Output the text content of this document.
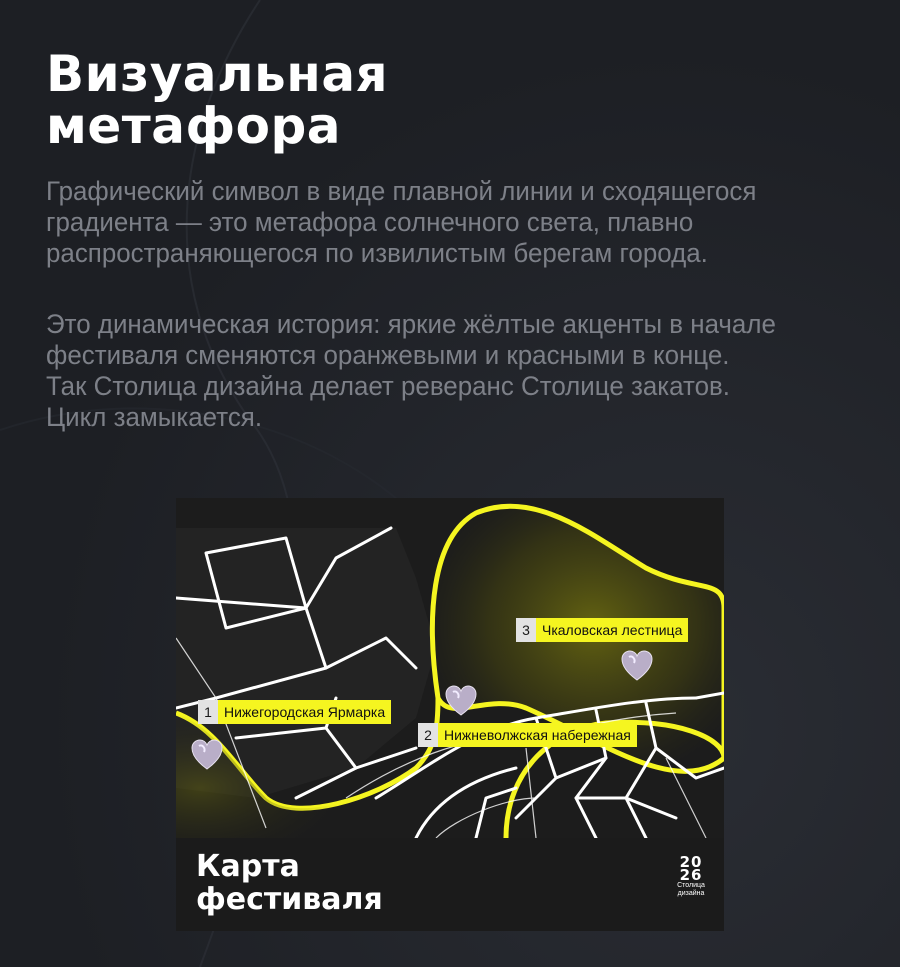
Визуальная
метафора

Графический символ в виде плавной линии и сходящегося
градиента — это метафора солнечного света, плавно
распространяющегося по извилистым берегам города.

Это динамическая история: яркие жёлтые акценты в начале
фестиваля сменяются оранжевыми и красными в конце.
Так Столица дизайна делает реверанс Столице закатов.
Цикл замыкается.

1 Нижегородская Ярмарка
2 Нижневолжская набережная
3 Чкаловская лестница
Карта
фестиваля
20
26
Столица
дизайна
